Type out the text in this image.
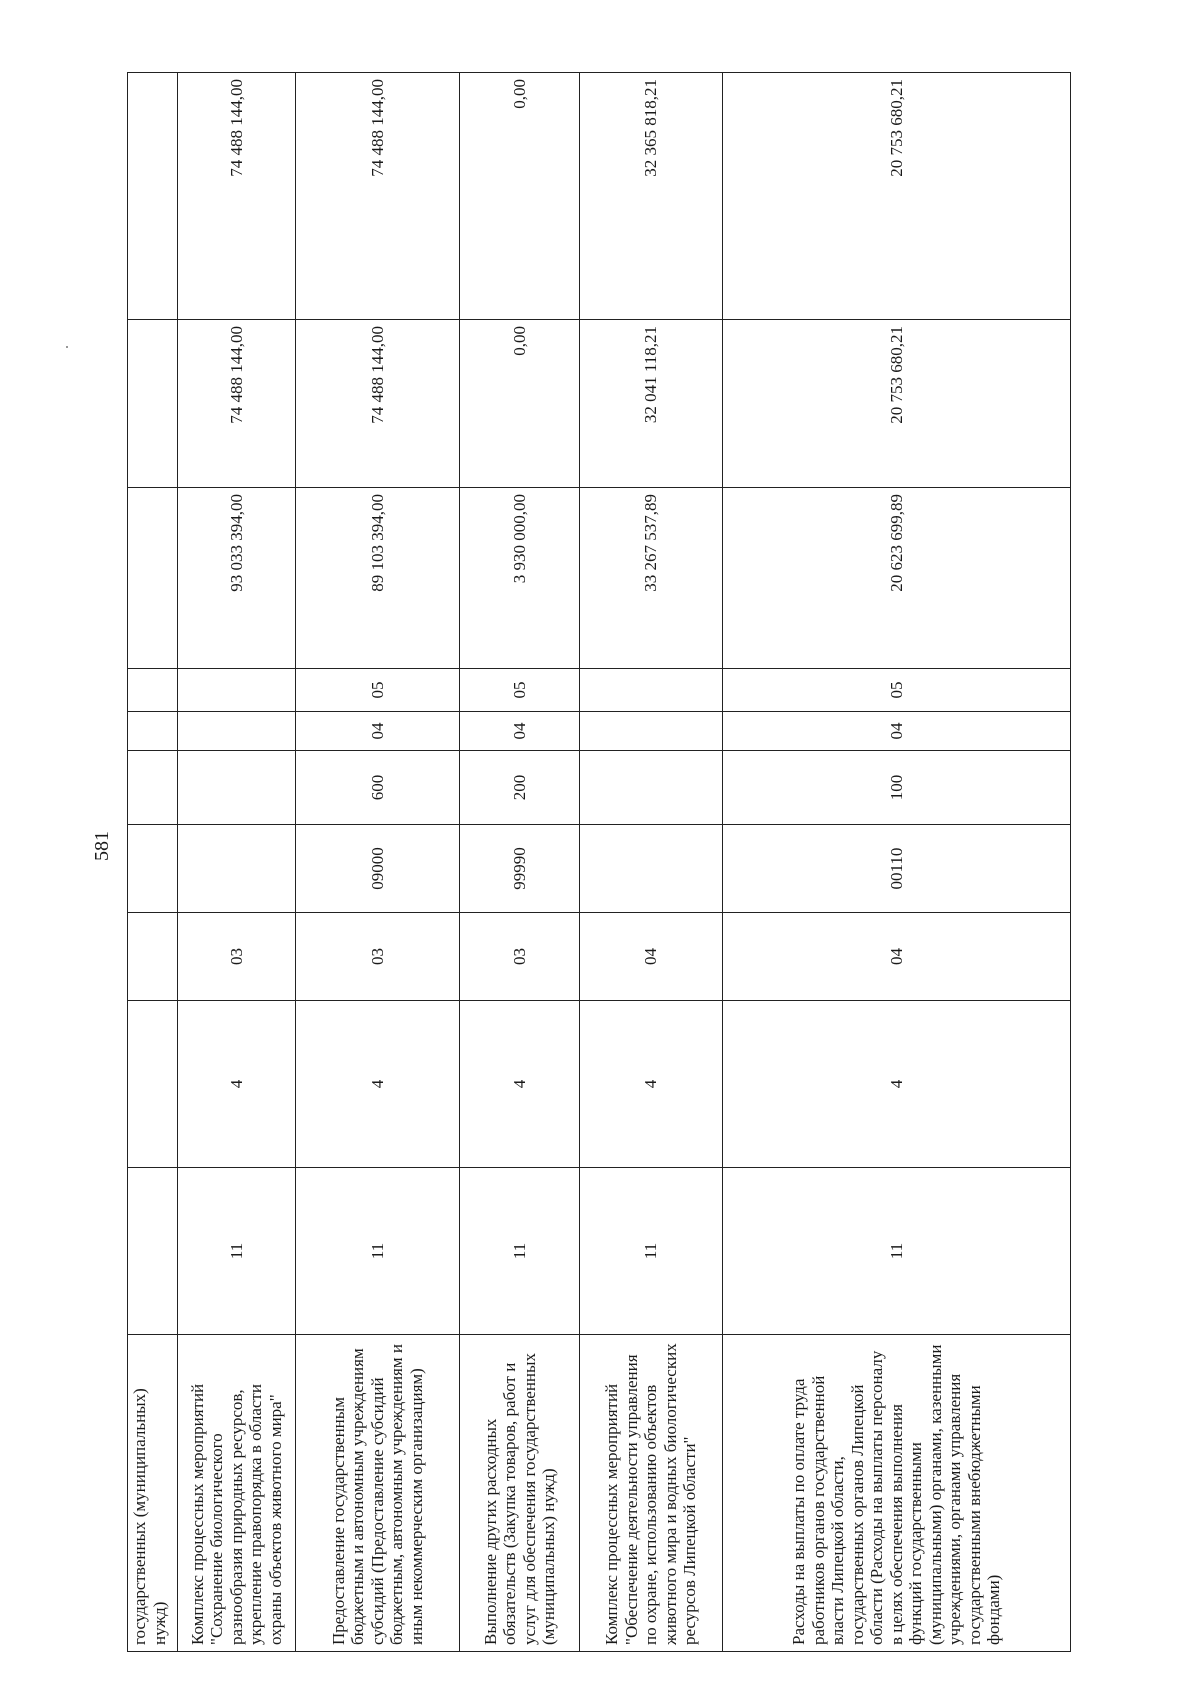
581
государственных (муниципальных) нужд)										
Комплекс процессных мероприятий "Сохранение биологического разнообразия природных ресурсов, укрепление правопорядка в области охраны объектов животного мира"	11	4	03					93 033 394,00	74 488 144,00	74 488 144,00
Предоставление государственным бюджетным и автономным учреждениям субсидий (Предоставление субсидий бюджетным, автономным учреждениям и иным некоммерческим организациям)	11	4	03	09000	600	04	05	89 103 394,00	74 488 144,00	74 488 144,00
Выполнение других расходных обязательств (Закупка товаров, работ и услуг для обеспечения государственных (муниципальных) нужд)	11	4	03	99990	200	04	05	3 930 000,00	0,00	0,00
Комплекс процессных мероприятий "Обеспечение деятельности управления по охране, использованию объектов животного мира и водных биологических ресурсов Липецкой области"	11	4	04					33 267 537,89	32 041 118,21	32 365 818,21
Расходы на выплаты по оплате труда работников органов государственной власти Липецкой области, государственных органов Липецкой области (Расходы на выплаты персоналу в целях обеспечения выполнения функций государственными (муниципальными) органами, казенными учреждениями, органами управления государственными внебюджетными фондами)	11	4	04	00110	100	04	05	20 623 699,89	20 753 680,21	20 753 680,21
